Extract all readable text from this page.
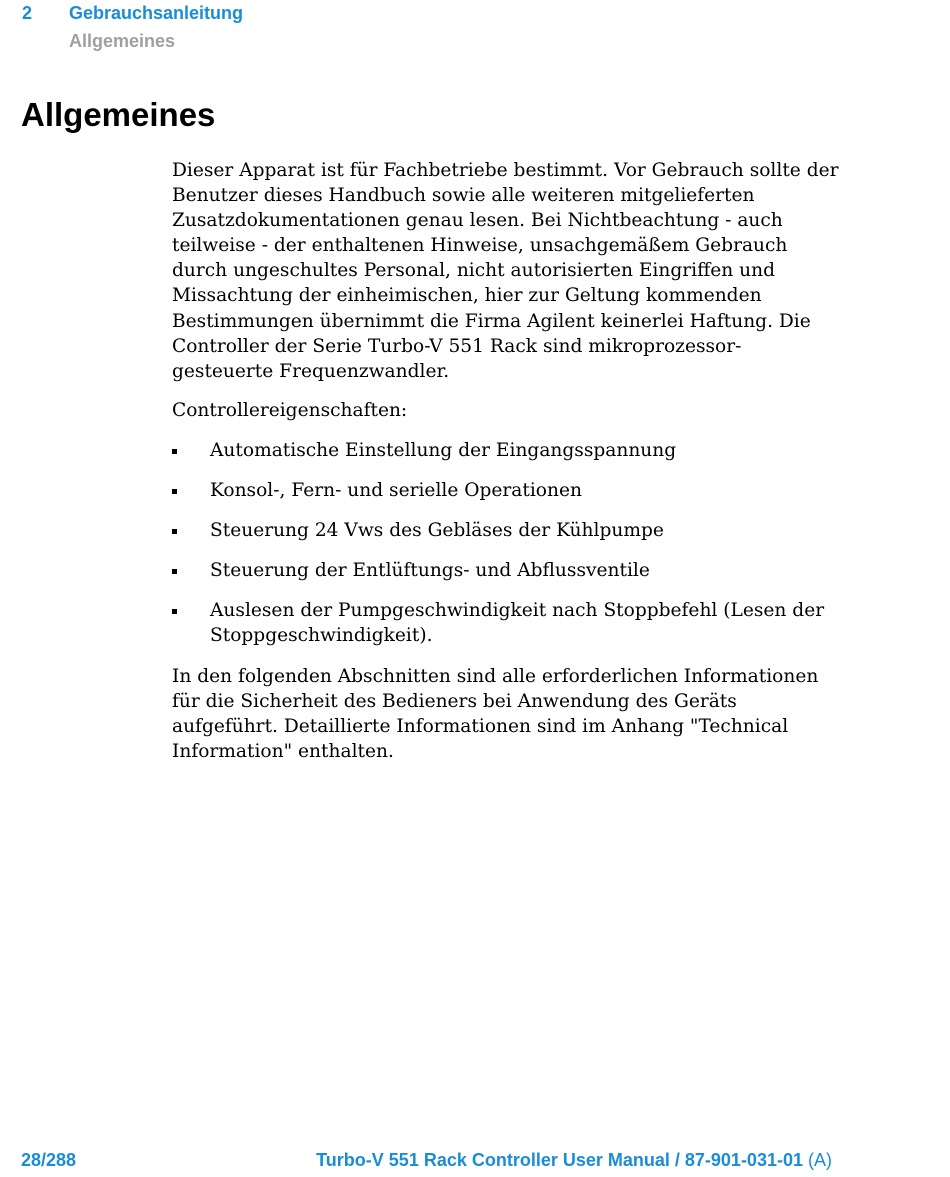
2 Gebrauchsanleitung
Allgemeines
Allgemeines

Dieser Apparat ist für Fachbetriebe bestimmt. Vor Gebrauch sollte der Benutzer dieses Handbuch sowie alle weiteren mitgelieferten Zusatzdokumentationen genau lesen. Bei Nichtbeachtung - auch teilweise - der enthaltenen Hinweise, unsachgemäßem Gebrauch durch ungeschultes Personal, nicht autorisierten Eingriffen und Missachtung der einheimischen, hier zur Geltung kommenden Bestimmungen übernimmt die Firma Agilent keinerlei Haftung. Die Controller der Serie Turbo-V 551 Rack sind mikroprozessor-gesteuerte Frequenzwandler.

Controllereigenschaften:

Automatische Einstellung der Eingangsspannung
Konsol-, Fern- und serielle Operationen
Steuerung 24 Vws des Gebläses der Kühlpumpe
Steuerung der Entlüftungs- und Abflussventile
Auslesen der Pumpgeschwindigkeit nach Stoppbefehl (Lesen der Stoppgeschwindigkeit).

In den folgenden Abschnitten sind alle erforderlichen Informationen für die Sicherheit des Bedieners bei Anwendung des Geräts aufgeführt. Detaillierte Informationen sind im Anhang "Technical Information" enthalten.

28/288	Turbo-V 551 Rack Controller User Manual / 87-901-031-01 (A)
